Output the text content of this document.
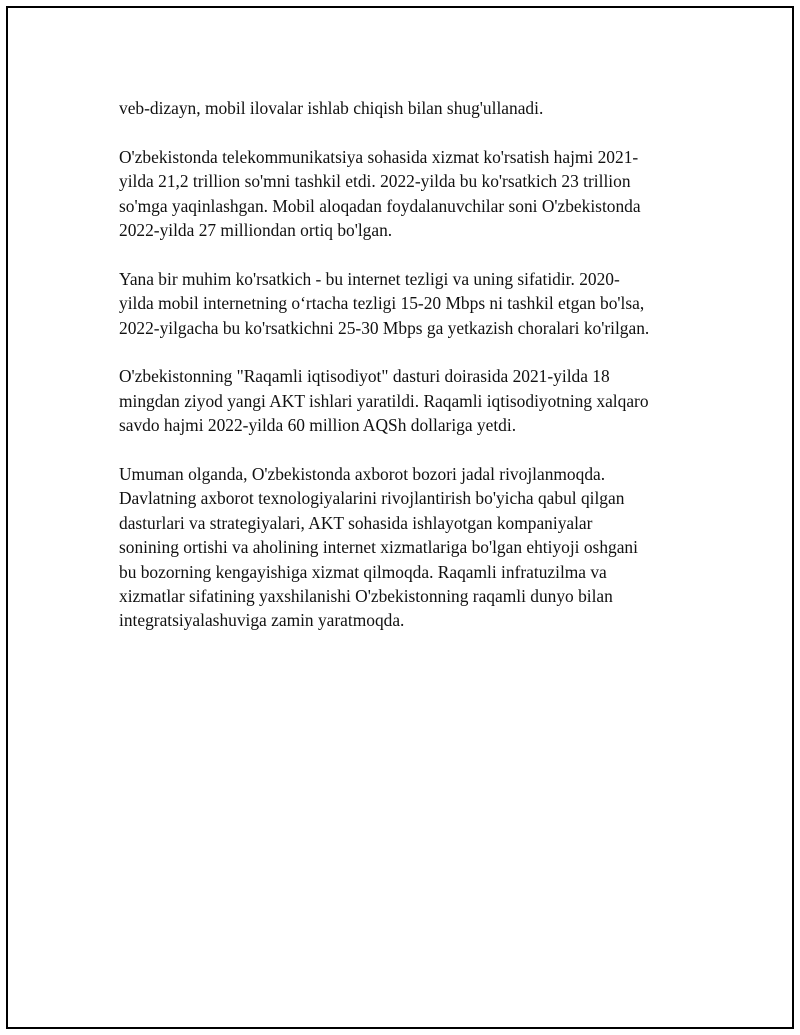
veb-dizayn, mobil ilovalar ishlab chiqish bilan shug'ullanadi.

O'zbekistonda telekommunikatsiya sohasida xizmat ko'rsatish hajmi 2021-
yilda 21,2 trillion so'mni tashkil etdi. 2022-yilda bu ko'rsatkich 23 trillion
so'mga yaqinlashgan. Mobil aloqadan foydalanuvchilar soni O'zbekistonda
2022-yilda 27 milliondan ortiq bo'lgan.

Yana bir muhim ko'rsatkich - bu internet tezligi va uning sifatidir. 2020-
yilda mobil internetning o‘rtacha tezligi 15-20 Mbps ni tashkil etgan bo'lsa,
2022-yilgacha bu ko'rsatkichni 25-30 Mbps ga yetkazish choralari ko'rilgan.

O'zbekistonning "Raqamli iqtisodiyot" dasturi doirasida 2021-yilda 18
mingdan ziyod yangi AKT ishlari yaratildi. Raqamli iqtisodiyotning xalqaro
savdo hajmi 2022-yilda 60 million AQSh dollariga yetdi.

Umuman olganda, O'zbekistonda axborot bozori jadal rivojlanmoqda.
Davlatning axborot texnologiyalarini rivojlantirish bo'yicha qabul qilgan
dasturlari va strategiyalari, AKT sohasida ishlayotgan kompaniyalar
sonining ortishi va aholining internet xizmatlariga bo'lgan ehtiyoji oshgani
bu bozorning kengayishiga xizmat qilmoqda. Raqamli infratuzilma va
xizmatlar sifatining yaxshilanishi O'zbekistonning raqamli dunyo bilan
integratsiyalashuviga zamin yaratmoqda.
